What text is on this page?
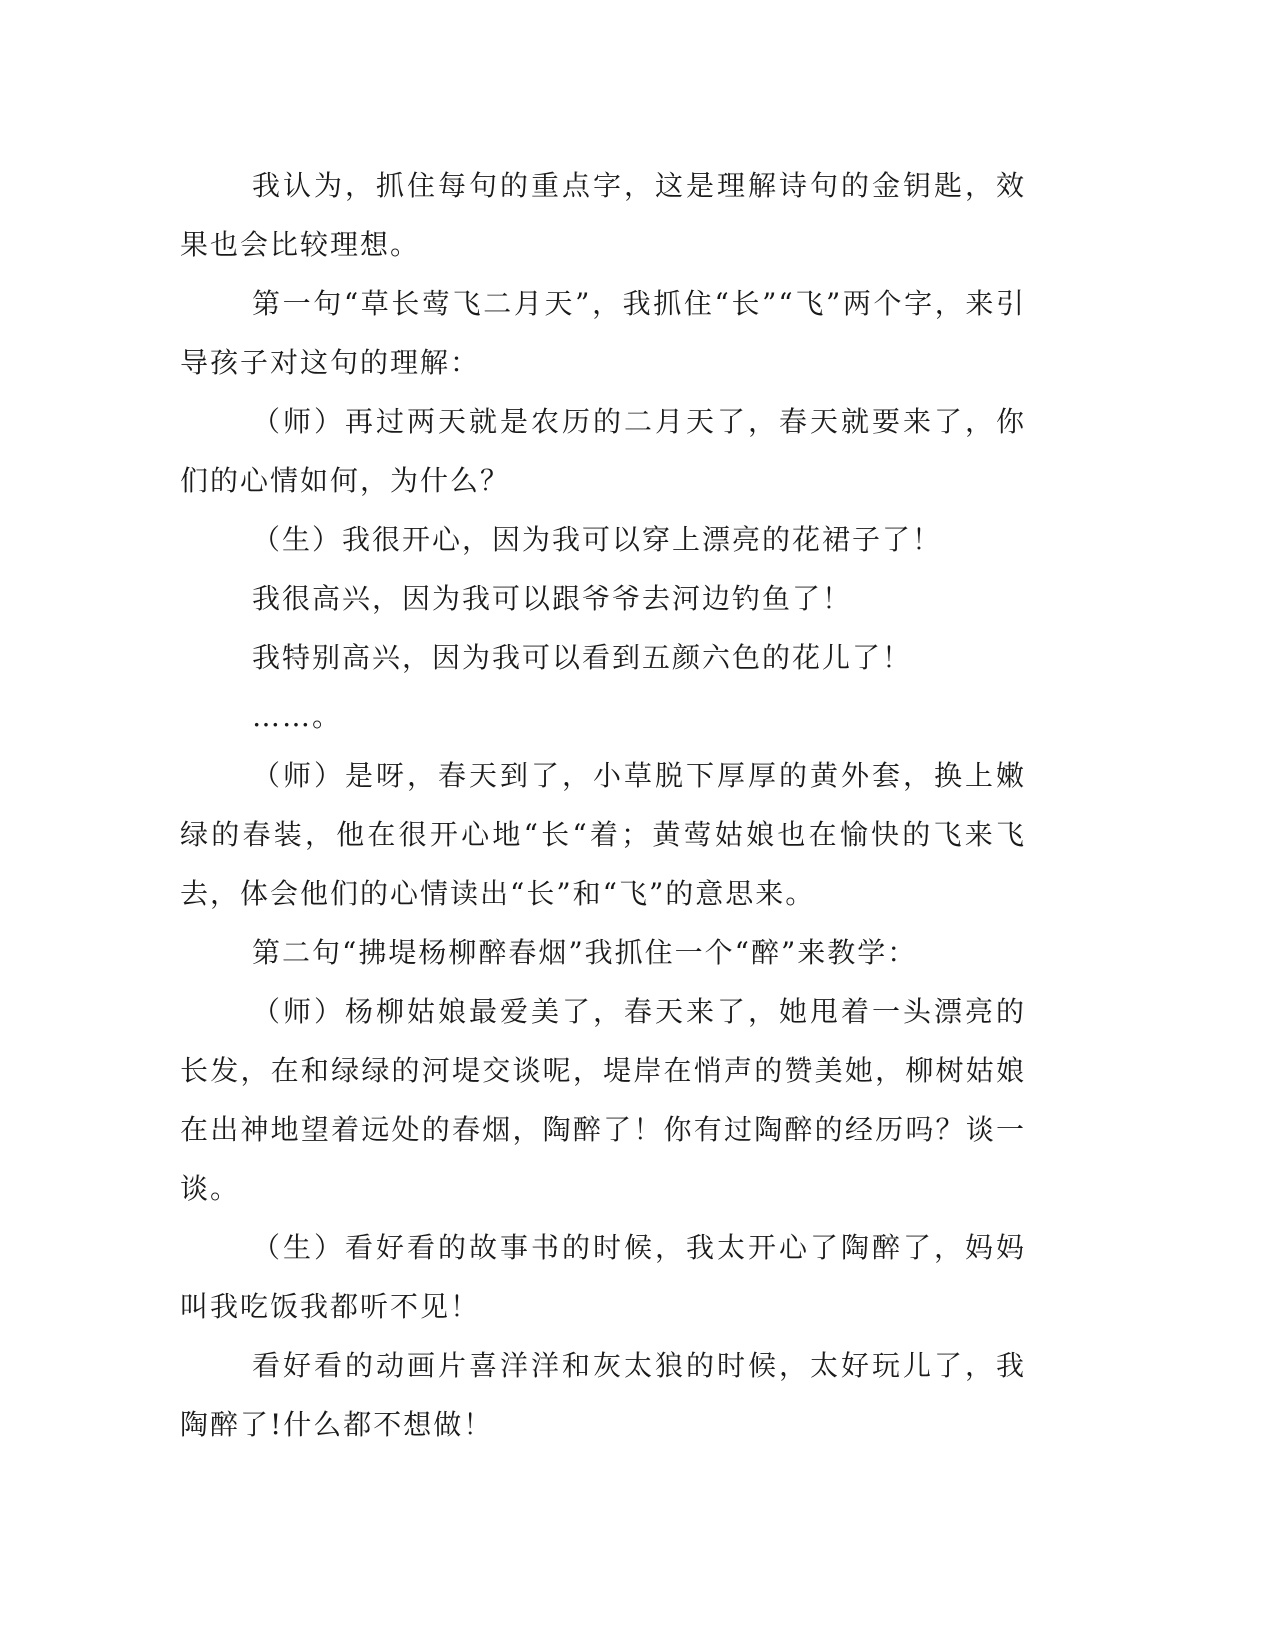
我认为，抓住每句的重点字，这是理解诗句的金钥匙，效果也会比较理想。

第一句“草长莺飞二月天”，我抓住“长”“飞”两个字，来引导孩子对这句的理解：

（师）再过两天就是农历的二月天了，春天就要来了，你们的心情如何，为什么？

（生）我很开心，因为我可以穿上漂亮的花裙子了！

我很高兴，因为我可以跟爷爷去河边钓鱼了！

我特别高兴，因为我可以看到五颜六色的花儿了！

……。

（师）是呀，春天到了，小草脱下厚厚的黄外套，换上嫩绿的春装，他在很开心地“长“着；黄莺姑娘也在愉快的飞来飞去，体会他们的心情读出“长”和“飞”的意思来。

第二句“拂堤杨柳醉春烟”我抓住一个“醉”来教学：

（师）杨柳姑娘最爱美了，春天来了，她甩着一头漂亮的长发，在和绿绿的河堤交谈呢，堤岸在悄声的赞美她，柳树姑娘在出神地望着远处的春烟，陶醉了！你有过陶醉的经历吗？谈一谈。

（生）看好看的故事书的时候，我太开心了陶醉了，妈妈叫我吃饭我都听不见！

看好看的动画片喜洋洋和灰太狼的时候，太好玩儿了，我陶醉了!什么都不想做！
